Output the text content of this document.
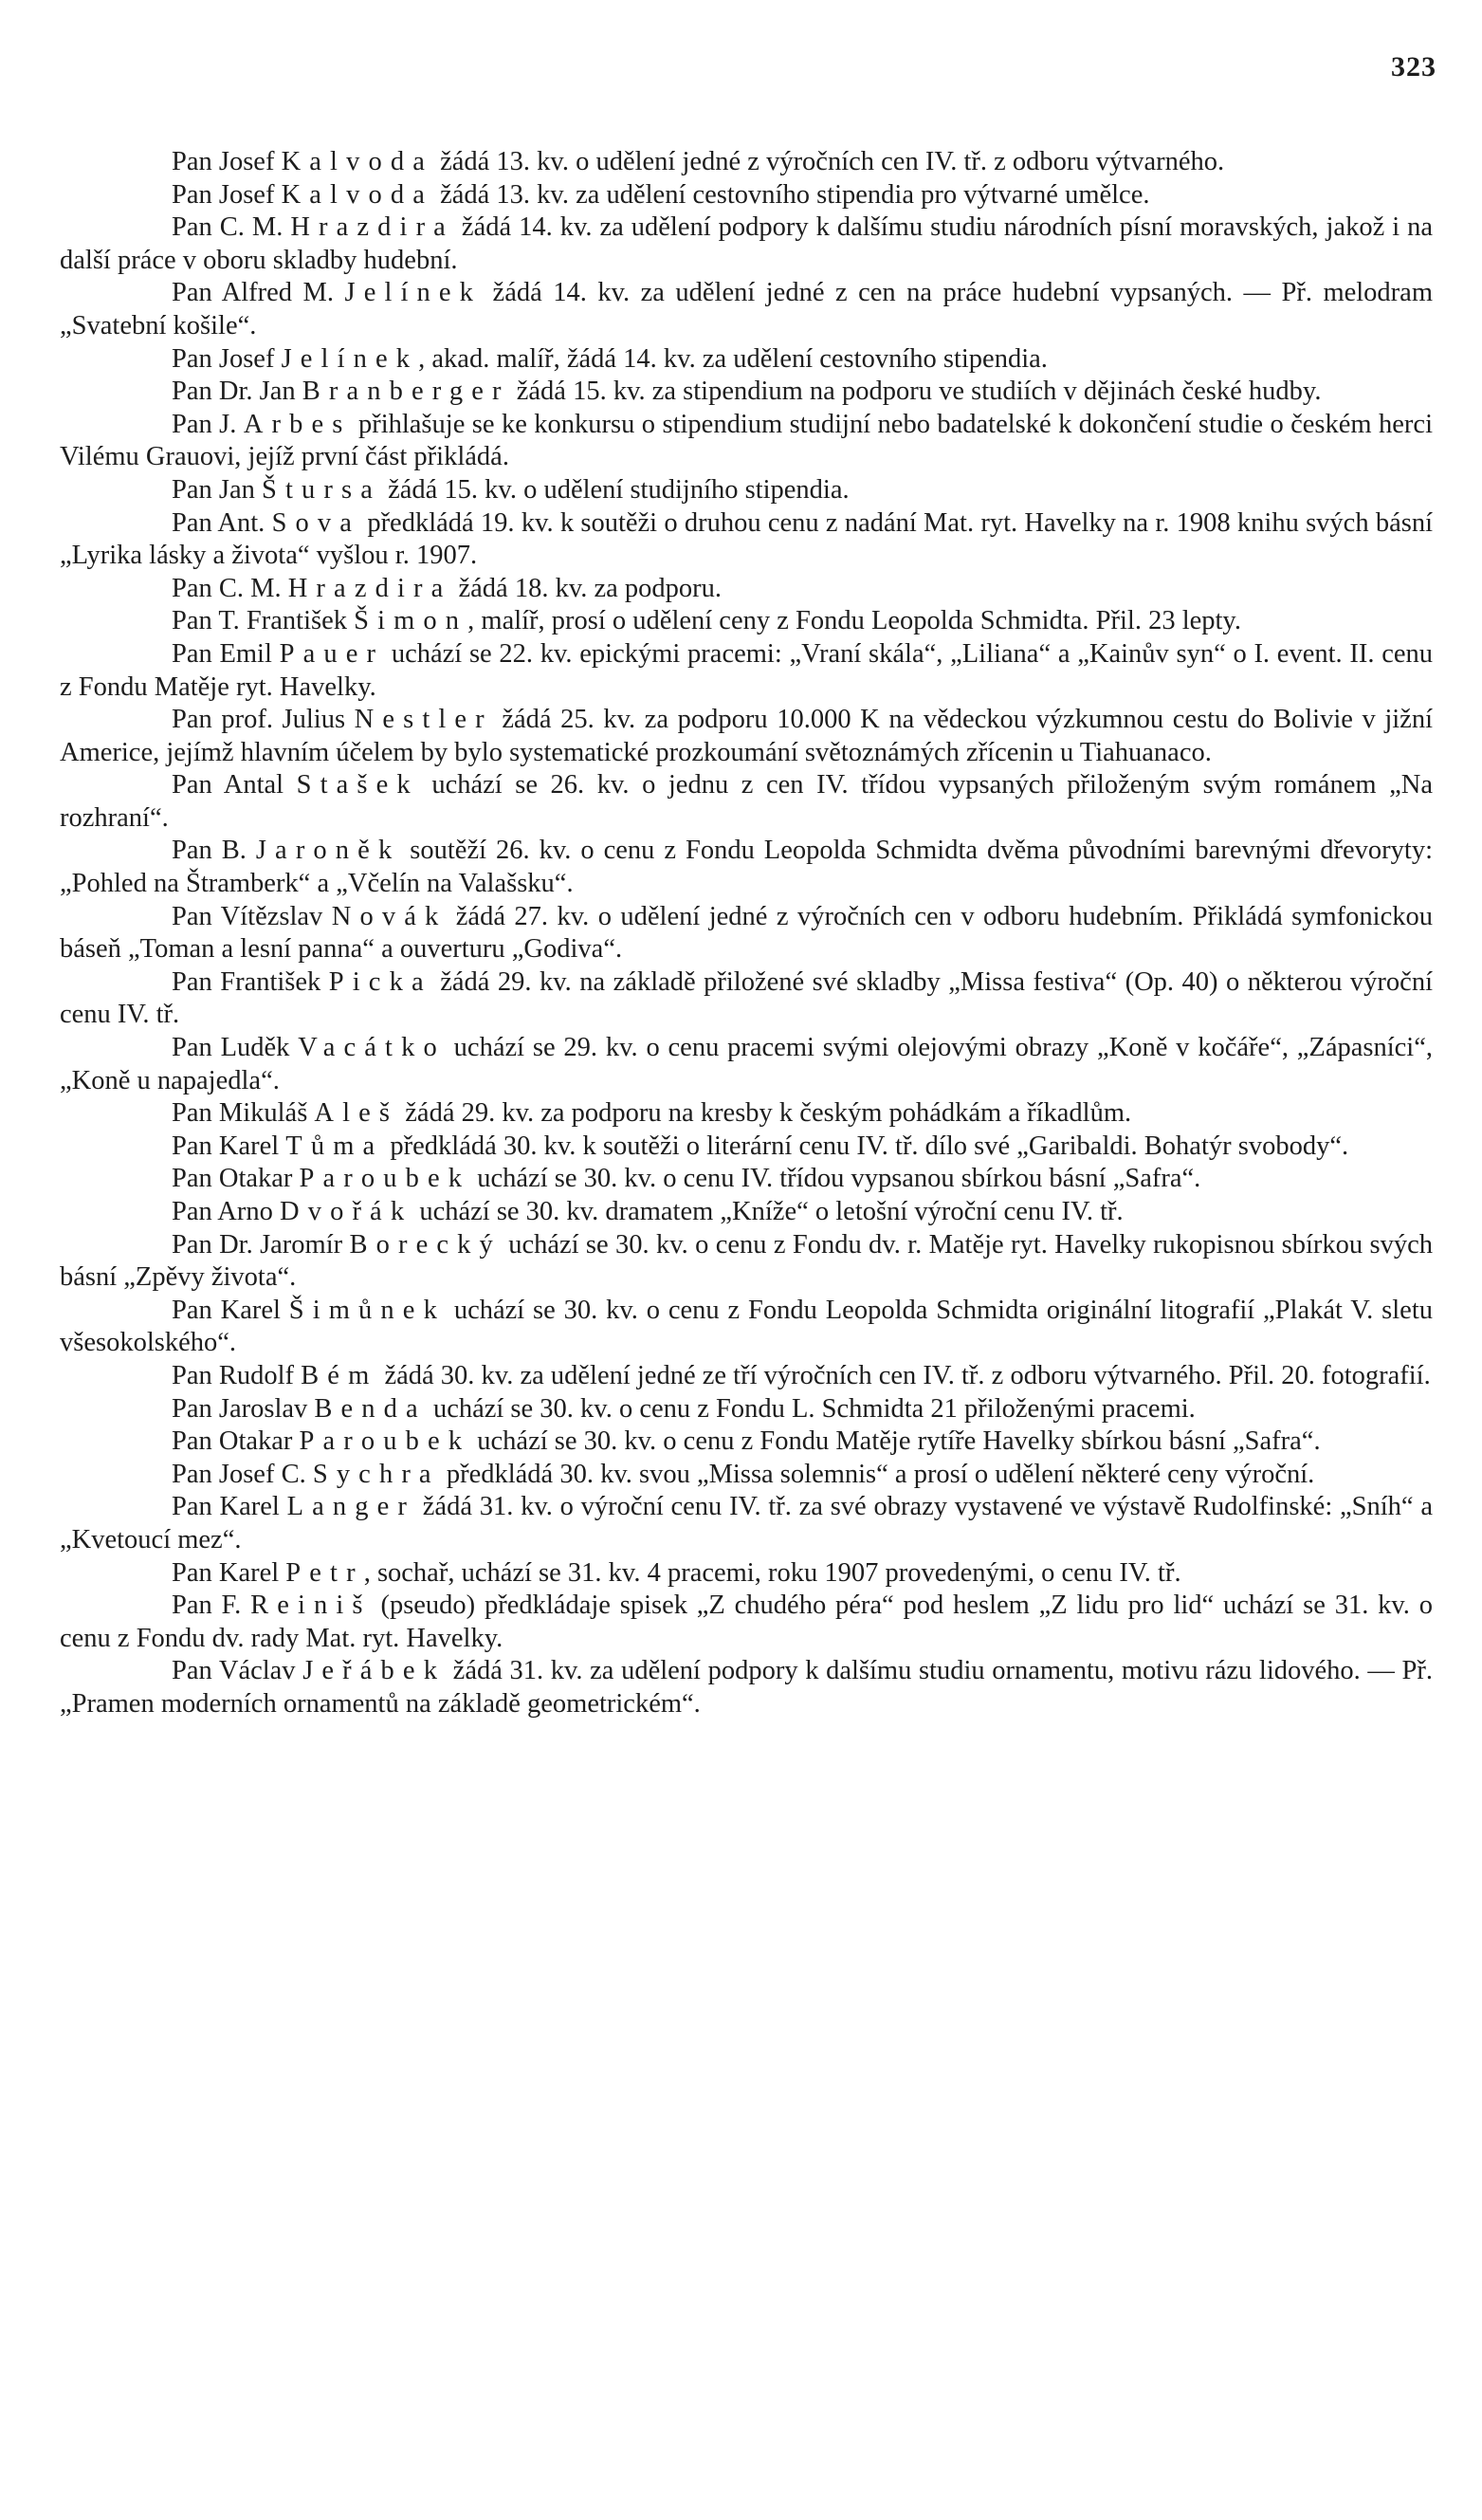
323

Pan Josef Kalvoda žádá 13. kv. o udělení jedné z výročních cen IV. tř. z odboru výtvarného.

Pan Josef Kalvoda žádá 13. kv. za udělení cestovního stipendia pro výtvarné umělce.

Pan C. M. Hrazdira žádá 14. kv. za udělení podpory k dalšímu studiu národních písní moravských, jakož i na další práce v oboru skladby hudební.

Pan Alfred M. Jelínek žádá 14. kv. za udělení jedné z cen na práce hudební vypsaných. — Př. melodram „Svatební košile“.

Pan Josef Jelínek, akad. malíř, žádá 14. kv. za udělení cestovního stipendia.

Pan Dr. Jan Branberger žádá 15. kv. za stipendium na podporu ve studiích v dějinách české hudby.

Pan J. Arbes přihlašuje se ke konkursu o stipendium studijní nebo badatelské k dokončení studie o českém herci Vilému Grauovi, jejíž první část přikládá.

Pan Jan Štursa žádá 15. kv. o udělení studijního stipendia.

Pan Ant. Sova předkládá 19. kv. k soutěži o druhou cenu z nadání Mat. ryt. Havelky na r. 1908 knihu svých básní „Lyrika lásky a života“ vyšlou r. 1907.

Pan C. M. Hrazdira žádá 18. kv. za podporu.

Pan T. František Šimon, malíř, prosí o udělení ceny z Fondu Leopolda Schmidta. Přil. 23 lepty.

Pan Emil Pauer uchází se 22. kv. epickými pracemi: „Vraní skála“, „Liliana“ a „Kainův syn“ o I. event. II. cenu z Fondu Matěje ryt. Havelky.

Pan prof. Julius Nestler žádá 25. kv. za podporu 10.000 K na vědeckou výzkumnou cestu do Bolivie v jižní Americe, jejímž hlavním účelem by bylo systematické prozkoumání světoznámých zřícenin u Tiahuanaco.

Pan Antal Stašek uchází se 26. kv. o jednu z cen IV. třídou vypsaných přiloženým svým románem „Na rozhraní“.

Pan B. Jaroněk soutěží 26. kv. o cenu z Fondu Leopolda Schmidta dvěma původními barevnými dřevoryty: „Pohled na Štramberk“ a „Včelín na Valašsku“.

Pan Vítězslav Novák žádá 27. kv. o udělení jedné z výročních cen v odboru hudebním. Přikládá symfonickou báseň „Toman a lesní panna“ a ouverturu „Godiva“.

Pan František Picka žádá 29. kv. na základě přiložené své skladby „Missa festiva“ (Op. 40) o některou výroční cenu IV. tř.

Pan Luděk Vacátko uchází se 29. kv. o cenu pracemi svými olejovými obrazy „Koně v kočáře“, „Zápasníci“, „Koně u napajedla“.

Pan Mikuláš Aleš žádá 29. kv. za podporu na kresby k českým pohádkám a říkadlům.

Pan Karel Tůma předkládá 30. kv. k soutěži o literární cenu IV. tř. dílo své „Garibaldi. Bohatýr svobody“.

Pan Otakar Paroubek uchází se 30. kv. o cenu IV. třídou vypsanou sbírkou básní „Safra“.

Pan Arno Dvořák uchází se 30. kv. dramatem „Kníže“ o letošní výroční cenu IV. tř.

Pan Dr. Jaromír Borecký uchází se 30. kv. o cenu z Fondu dv. r. Matěje ryt. Havelky rukopisnou sbírkou svých básní „Zpěvy života“.

Pan Karel Šimůnek uchází se 30. kv. o cenu z Fondu Leopolda Schmidta originální litografií „Plakát V. sletu všesokolského“.

Pan Rudolf Bém žádá 30. kv. za udělení jedné ze tří výročních cen IV. tř. z odboru výtvarného. Přil. 20. fotografií.

Pan Jaroslav Benda uchází se 30. kv. o cenu z Fondu L. Schmidta 21 přiloženými pracemi.

Pan Otakar Paroubek uchází se 30. kv. o cenu z Fondu Matěje rytíře Havelky sbírkou básní „Safra“.

Pan Josef C. Sychra předkládá 30. kv. svou „Missa solemnis“ a prosí o udělení některé ceny výroční.

Pan Karel Langer žádá 31. kv. o výroční cenu IV. tř. za své obrazy vystavené ve výstavě Rudolfinské: „Sníh“ a „Kvetoucí mez“.

Pan Karel Petr, sochař, uchází se 31. kv. 4 pracemi, roku 1907 provedenými, o cenu IV. tř.

Pan F. Reiniš (pseudo) předkládaje spisek „Z chudého péra“ pod heslem „Z lidu pro lid“ uchází se 31. kv. o cenu z Fondu dv. rady Mat. ryt. Havelky.

Pan Václav Jeřábek žádá 31. kv. za udělení podpory k dalšímu studiu ornamentu, motivu rázu lidového. — Př. „Pramen moderních ornamentů na základě geometrickém“.
